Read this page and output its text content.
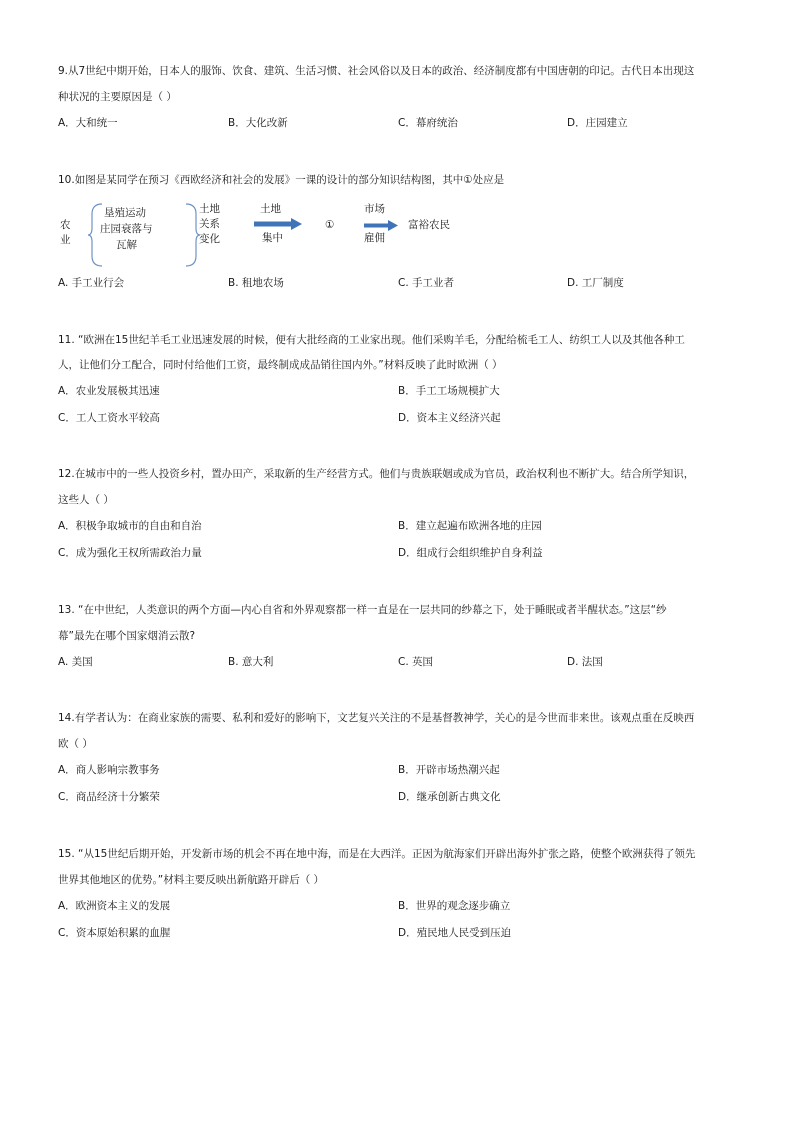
9.从7世纪中期开始，日本人的服饰、饮食、建筑、生活习惯、社会风俗以及日本的政治、经济制度都有中国唐朝的印记。古代日本出现这
种状况的主要原因是（ ）
A．大和统一	B．大化改新	C．幕府统治	D．庄园建立
10.如图是某同学在预习《西欧经济和社会的发展》一课的设计的部分知识结构图，其中①处应是
农
业
垦殖运动
庄园衰落与
瓦解
土地
关系
变化
土地
集中
①
市场
雇佣
富裕农民
A. 手工业行会	B. 租地农场	C. 手工业者	D. 工厂制度
11. “欧洲在15世纪羊毛工业迅速发展的时候，便有大批经商的工业家出现。他们采购羊毛，分配给梳毛工人、纺织工人以及其他各种工
人，让他们分工配合，同时付给他们工资，最终制成成品销往国内外。”材料反映了此时欧洲（ ）
A．农业发展极其迅速	B．手工工场规模扩大
C．工人工资水平较高	D．资本主义经济兴起
12.在城市中的一些人投资乡村，置办田产，采取新的生产经营方式。他们与贵族联姻或成为官员，政治权利也不断扩大。结合所学知识，
这些人（ ）
A．积极争取城市的自由和自治	B．建立起遍布欧洲各地的庄园
C．成为强化王权所需政治力量	D．组成行会组织维护自身利益
13. “在中世纪，人类意识的两个方面—内心自省和外界观察都一样一直是在一层共同的纱幕之下，处于睡眠或者半醒状态。”这层“纱
幕”最先在哪个国家烟消云散?
A. 美国	B. 意大利	C. 英国	D. 法国
14.有学者认为：在商业家族的需要、私利和爱好的影响下，文艺复兴关注的不是基督教神学，关心的是今世而非来世。该观点重在反映西
欧（ ）
A．商人影响宗教事务	B．开辟市场热潮兴起
C．商品经济十分繁荣	D．继承创新古典文化
15. “从15世纪后期开始，开发新市场的机会不再在地中海，而是在大西洋。正因为航海家们开辟出海外扩张之路，使整个欧洲获得了领先
世界其他地区的优势。”材料主要反映出新航路开辟后（ ）
A．欧洲资本主义的发展	B．世界的观念逐步确立
C．资本原始积累的血腥	D．殖民地人民受到压迫
